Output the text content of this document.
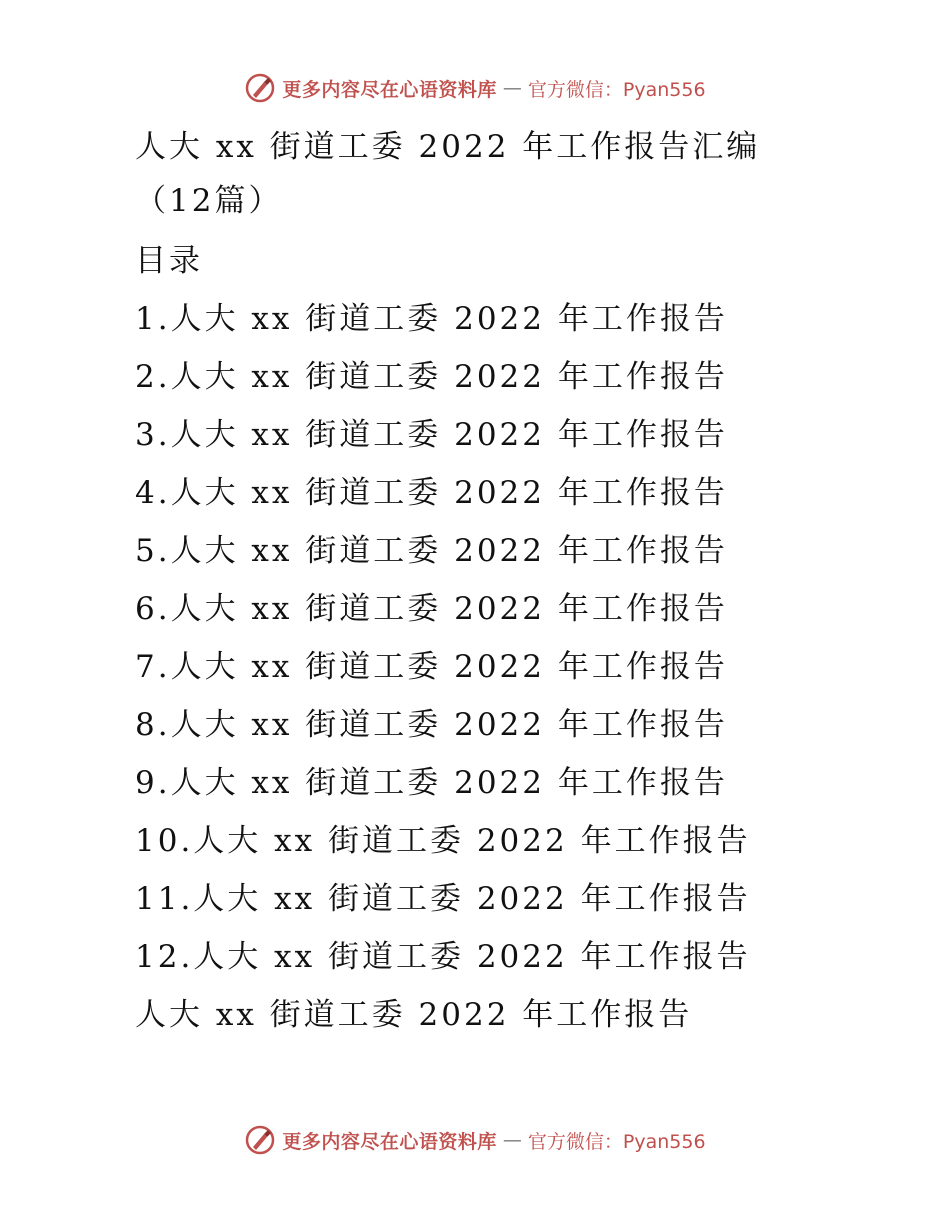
更多内容尽在心语资料库 — 官方微信：Pyan556
人大 xx 街道工委 2022 年工作报告汇编（12篇）
目录
1.人大 xx 街道工委 2022 年工作报告
2.人大 xx 街道工委 2022 年工作报告
3.人大 xx 街道工委 2022 年工作报告
4.人大 xx 街道工委 2022 年工作报告
5.人大 xx 街道工委 2022 年工作报告
6.人大 xx 街道工委 2022 年工作报告
7.人大 xx 街道工委 2022 年工作报告
8.人大 xx 街道工委 2022 年工作报告
9.人大 xx 街道工委 2022 年工作报告
10.人大 xx 街道工委 2022 年工作报告
11.人大 xx 街道工委 2022 年工作报告
12.人大 xx 街道工委 2022 年工作报告
人大 xx 街道工委 2022 年工作报告
更多内容尽在心语资料库 — 官方微信：Pyan556
